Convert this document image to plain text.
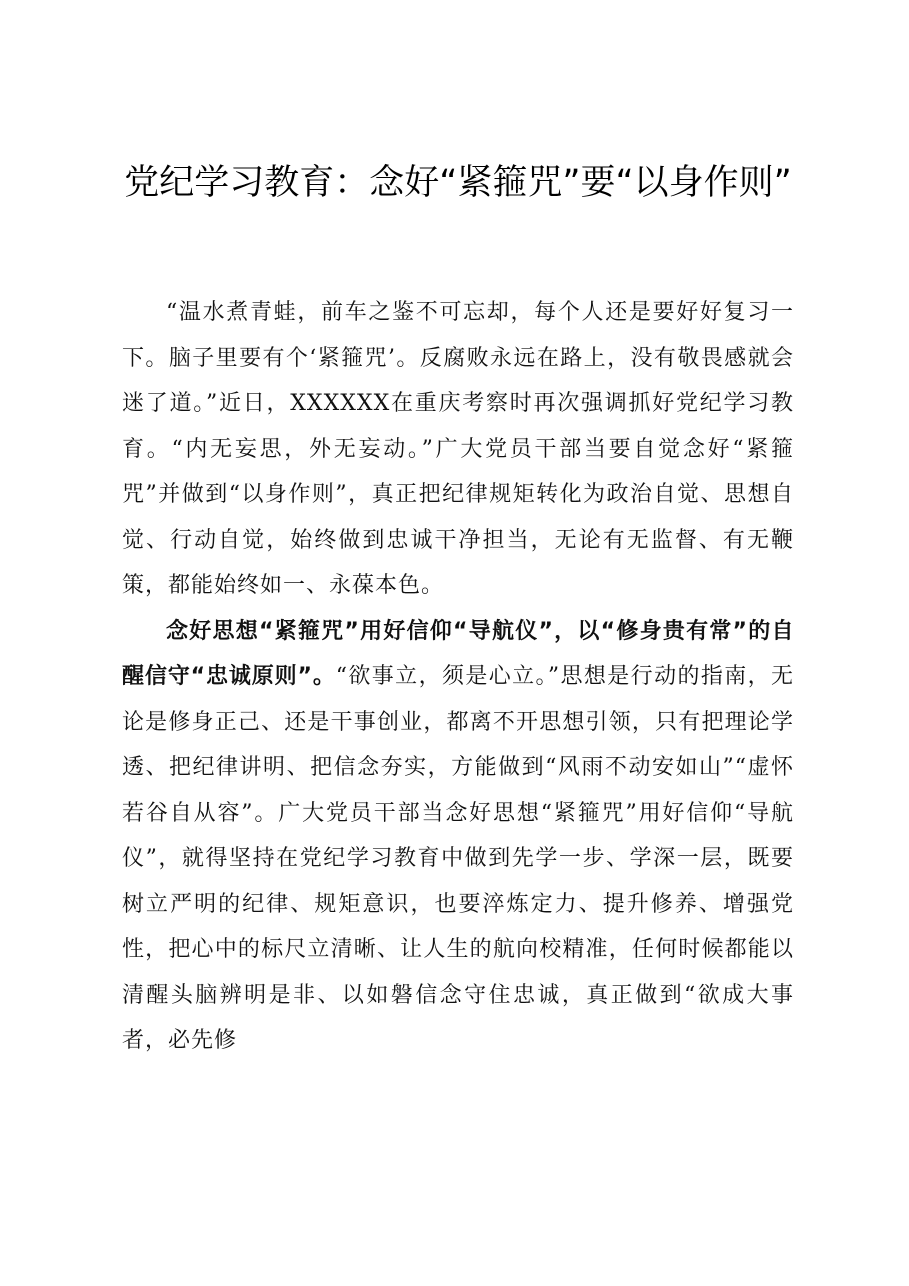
党纪学习教育：念好“紧箍咒”要“以身作则”

“温水煮青蛙，前车之鉴不可忘却，每个人还是要好好复习一下。脑子里要有个‘紧箍咒’。反腐败永远在路上，没有敬畏感就会迷了道。”近日，XXXXXX在重庆考察时再次强调抓好党纪学习教育。“内无妄思，外无妄动。”广大党员干部当要自觉念好“紧箍咒”并做到“以身作则”，真正把纪律规矩转化为政治自觉、思想自觉、行动自觉，始终做到忠诚干净担当，无论有无监督、有无鞭策，都能始终如一、永葆本色。

念好思想“紧箍咒”用好信仰“导航仪”，以“修身贵有常”的自醒信守“忠诚原则”。“欲事立，须是心立。”思想是行动的指南，无论是修身正己、还是干事创业，都离不开思想引领，只有把理论学透、把纪律讲明、把信念夯实，方能做到“风雨不动安如山”“虚怀若谷自从容”。广大党员干部当念好思想“紧箍咒”用好信仰“导航仪”，就得坚持在党纪学习教育中做到先学一步、学深一层，既要树立严明的纪律、规矩意识，也要淬炼定力、提升修养、增强党性，把心中的标尺立清晰、让人生的航向校精准，任何时候都能以清醒头脑辨明是非、以如磐信念守住忠诚，真正做到“欲成大事者，必先修
